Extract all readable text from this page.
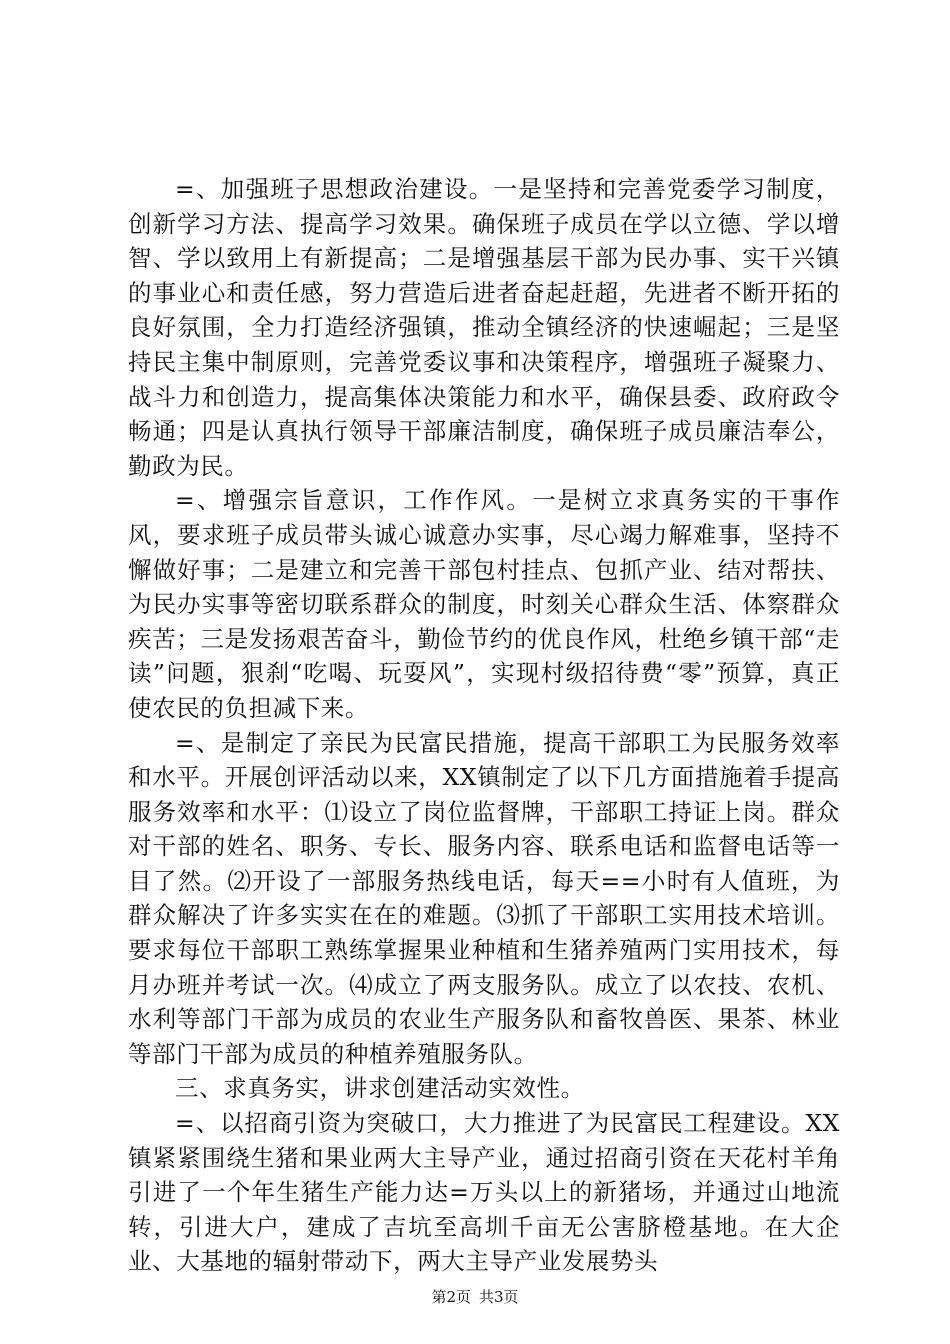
=、加强班子思想政治建设。一是坚持和完善党委学习制度，创新学习方法、提高学习效果。确保班子成员在学以立德、学以增智、学以致用上有新提高；二是增强基层干部为民办事、实干兴镇的事业心和责任感，努力营造后进者奋起赶超，先进者不断开拓的良好氛围，全力打造经济强镇，推动全镇经济的快速崛起；三是坚持民主集中制原则，完善党委议事和决策程序，增强班子凝聚力、战斗力和创造力，提高集体决策能力和水平，确保县委、政府政令畅通；四是认真执行领导干部廉洁制度，确保班子成员廉洁奉公，勤政为民。

=、增强宗旨意识，工作作风。一是树立求真务实的干事作风，要求班子成员带头诚心诚意办实事，尽心竭力解难事，坚持不懈做好事；二是建立和完善干部包村挂点、包抓产业、结对帮扶、为民办实事等密切联系群众的制度，时刻关心群众生活、体察群众疾苦；三是发扬艰苦奋斗，勤俭节约的优良作风，杜绝乡镇干部“走读”问题，狠刹“吃喝、玩耍风”，实现村级招待费“零”预算，真正使农民的负担减下来。

=、是制定了亲民为民富民措施，提高干部职工为民服务效率和水平。开展创评活动以来，XX镇制定了以下几方面措施着手提高服务效率和水平：⑴设立了岗位监督牌，干部职工持证上岗。群众对干部的姓名、职务、专长、服务内容、联系电话和监督电话等一目了然。⑵开设了一部服务热线电话，每天==小时有人值班，为群众解决了许多实实在在的难题。⑶抓了干部职工实用技术培训。要求每位干部职工熟练掌握果业种植和生猪养殖两门实用技术，每月办班并考试一次。⑷成立了两支服务队。成立了以农技、农机、水利等部门干部为成员的农业生产服务队和畜牧兽医、果茶、林业等部门干部为成员的种植养殖服务队。

三、求真务实，讲求创建活动实效性。

=、以招商引资为突破口，大力推进了为民富民工程建设。XX镇紧紧围绕生猪和果业两大主导产业，通过招商引资在天花村羊角引进了一个年生猪生产能力达=万头以上的新猪场，并通过山地流转，引进大户，建成了吉坑至高圳千亩无公害脐橙基地。在大企业、大基地的辐射带动下，两大主导产业发展势头

第2页 共3页
